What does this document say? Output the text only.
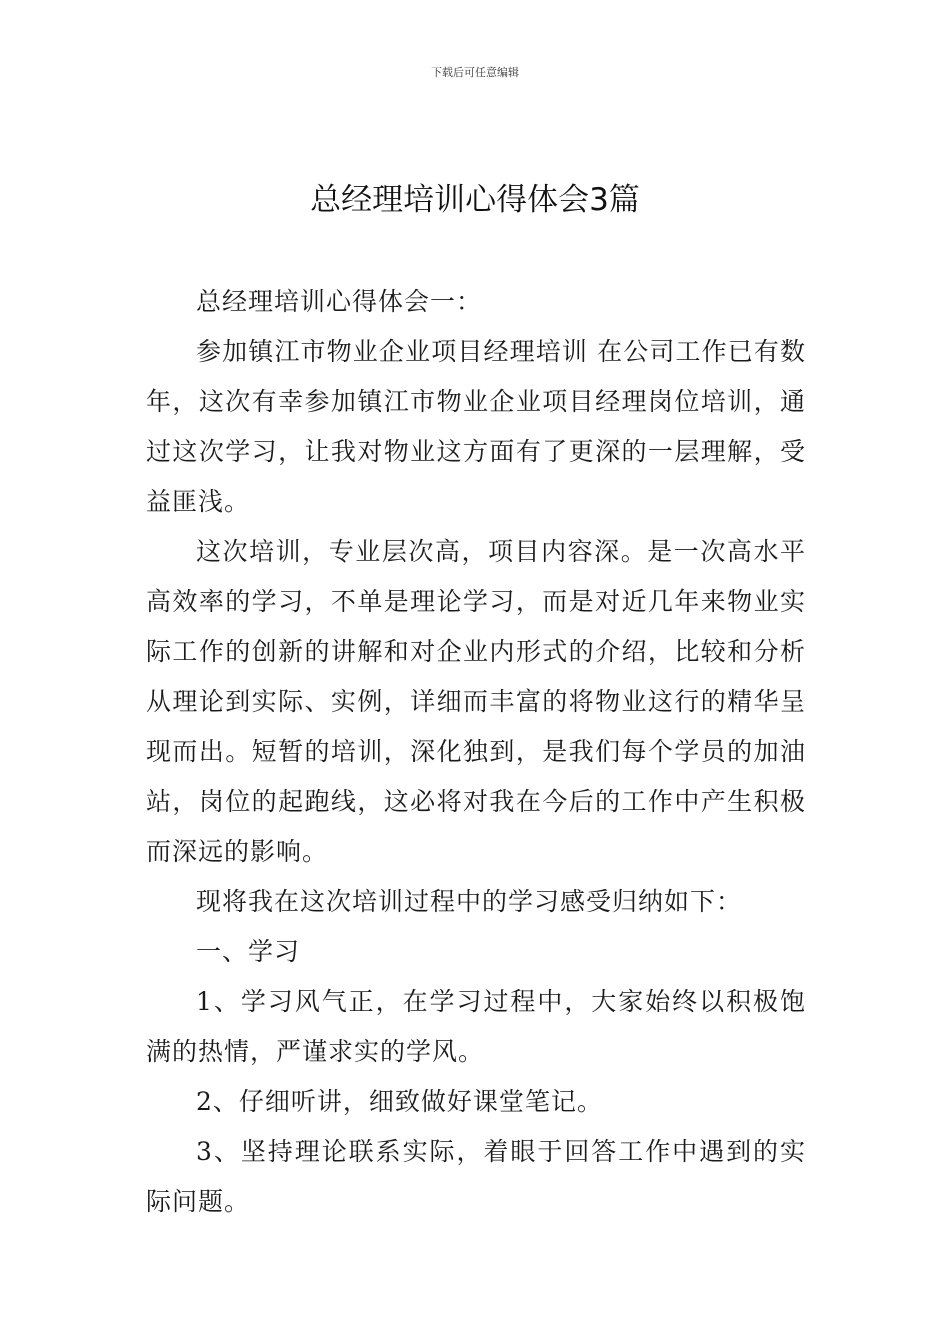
下载后可任意编辑
总经理培训心得体会3篇

总经理培训心得体会一：

参加镇江市物业企业项目经理培训 在公司工作已有数年，这次有幸参加镇江市物业企业项目经理岗位培训，通过这次学习，让我对物业这方面有了更深的一层理解，受益匪浅。

这次培训，专业层次高，项目内容深。是一次高水平高效率的学习，不单是理论学习，而是对近几年来物业实际工作的创新的讲解和对企业内形式的介绍，比较和分析从理论到实际、实例，详细而丰富的将物业这行的精华呈现而出。短暂的培训，深化独到，是我们每个学员的加油站，岗位的起跑线，这必将对我在今后的工作中产生积极而深远的影响。

现将我在这次培训过程中的学习感受归纳如下：

一、学习

1、学习风气正，在学习过程中，大家始终以积极饱满的热情，严谨求实的学风。

2、仔细听讲，细致做好课堂笔记。

3、坚持理论联系实际，着眼于回答工作中遇到的实际问题。
